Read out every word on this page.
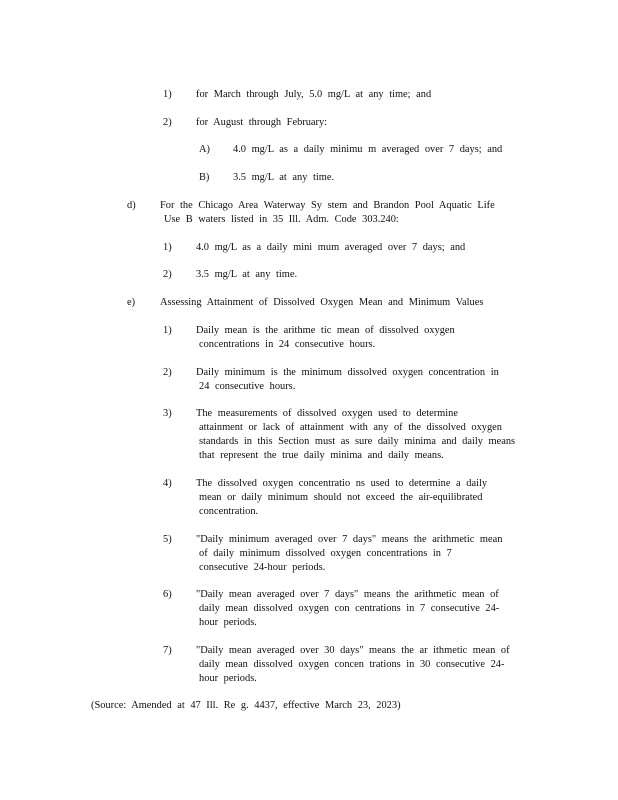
1) for March through July, 5.0 mg/L at any time; and
2) for August through February:
A) 4.0 mg/L as a daily minimu m averaged over 7 days; and
B) 3.5 mg/L at any time.
d) For the Chicago Area Waterway Sy stem and Brandon Pool Aquatic Life
Use B waters listed in 35 Ill. Adm. Code 303.240:
1) 4.0 mg/L as a daily mini mum averaged over 7 days; and
2) 3.5 mg/L at any time.
e) Assessing Attainment of Dissolved Oxygen Mean and Minimum Values
1) Daily mean is the arithme tic mean of dissolved oxygen
concentrations in 24 consecutive hours.
2) Daily minimum is the minimum dissolved oxygen concentration in
24 consecutive hours.
3) The measurements of dissolved oxygen used to determine
attainment or lack of attainment with any of the dissolved oxygen
standards in this Section must as sure daily minima and daily means
that represent the true daily minima and daily means.
4) The dissolved oxygen concentratio ns used to determine a daily
mean or daily minimum should not exceed the air-equilibrated
concentration.
5) "Daily minimum averaged over 7 days" means the arithmetic mean
of daily minimum dissolved oxygen concentrations in 7
consecutive 24-hour periods.
6) "Daily mean averaged over 7 days" means the arithmetic mean of
daily mean dissolved oxygen con centrations in 7 consecutive 24-
hour periods.
7) "Daily mean averaged over 30 days" means the ar ithmetic mean of
daily mean dissolved oxygen concen trations in 30 consecutive 24-
hour periods.
(Source: Amended at 47 Ill. Re g. 4437, effective March 23, 2023)
